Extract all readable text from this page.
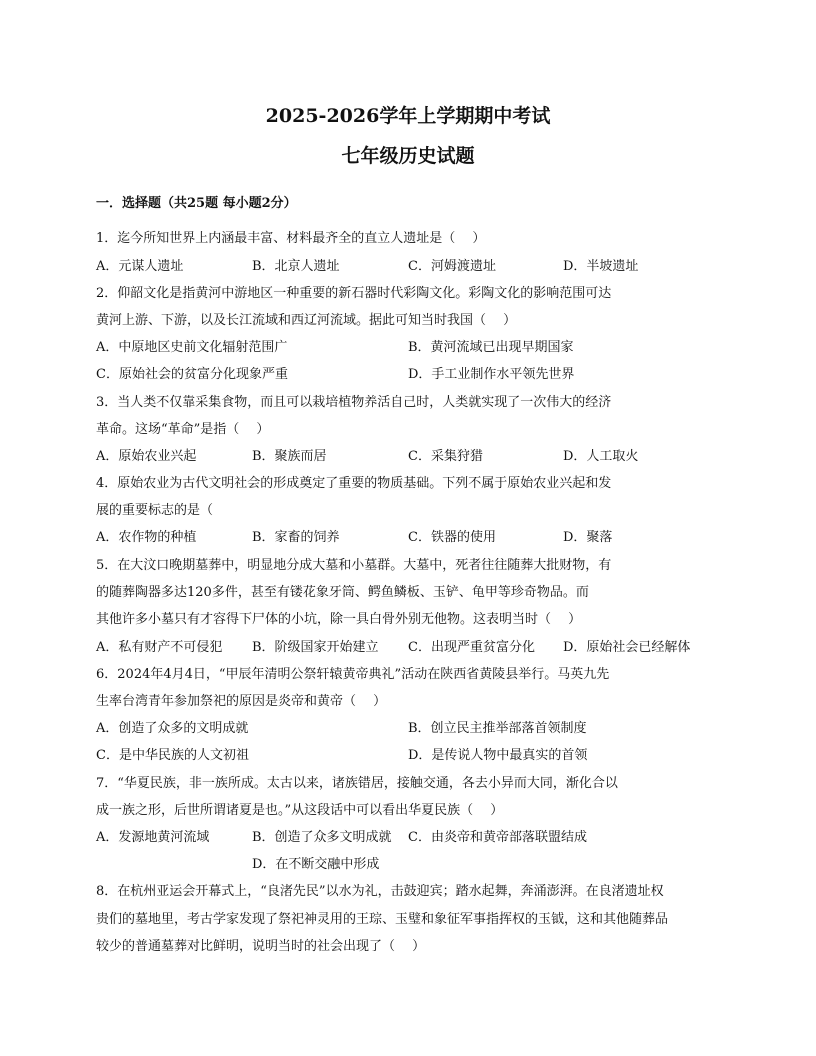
2025-2026学年上学期期中考试
七年级历史试题
一．选择题（共25题 每小题2分）
1．迄今所知世界上内涵最丰富、材料最齐全的直立人遗址是（　 ）
A．元谋人遗址	B．北京人遗址	C．河姆渡遗址	D．半坡遗址
2．仰韶文化是指黄河中游地区一种重要的新石器时代彩陶文化。彩陶文化的影响范围可达
黄河上游、下游，以及长江流域和西辽河流域。据此可知当时我国（　 ）
A．中原地区史前文化辐射范围广	B．黄河流域已出现早期国家
C．原始社会的贫富分化现象严重	D．手工业制作水平领先世界
3．当人类不仅靠采集食物，而且可以栽培植物养活自己时，人类就实现了一次伟大的经济
革命。这场“革命”是指（　 ）
A．原始农业兴起	B．聚族而居	C．采集狩猎	D．人工取火
4．原始农业为古代文明社会的形成奠定了重要的物质基础。下列不属于原始农业兴起和发
展的重要标志的是（
A．农作物的种植	B．家畜的饲养	C．铁器的使用	D．聚落
5．在大汶口晚期墓葬中，明显地分成大墓和小墓群。大墓中，死者往往随葬大批财物，有
的随葬陶器多达120多件，甚至有镂花象牙筒、鳄鱼鳞板、玉铲、龟甲等珍奇物品。而
其他许多小墓只有才容得下尸体的小坑，除一具白骨外别无他物。这表明当时（　 ）
A．私有财产不可侵犯 B．阶级国家开始建立 C．出现严重贫富分化 D．原始社会已经解体
6．2024年4月4日，“甲辰年清明公祭轩辕黄帝典礼”活动在陕西省黄陵县举行。马英九先
生率台湾青年参加祭祀的原因是炎帝和黄帝（　 ）
A．创造了众多的文明成就	B．创立民主推举部落首领制度
C．是中华民族的人文初祖	D．是传说人物中最真实的首领
7．“华夏民族，非一族所成。太古以来，诸族错居，接触交通，各去小异而大同，渐化合以
成一族之形，后世所谓诸夏是也。”从这段话中可以看出华夏民族（　 ）
A．发源地黄河流域	B．创造了众多文明成就 C．由炎帝和黄帝部落联盟结成
D．在不断交融中形成
8．在杭州亚运会开幕式上，“良渚先民”以水为礼，击鼓迎宾；踏水起舞，奔涌澎湃。在良渚遗址权
贵们的墓地里，考古学家发现了祭祀神灵用的王琮、玉璧和象征军事指挥权的玉钺，这和其他随葬品
较少的普通墓葬对比鲜明，说明当时的社会出现了（　 ）
